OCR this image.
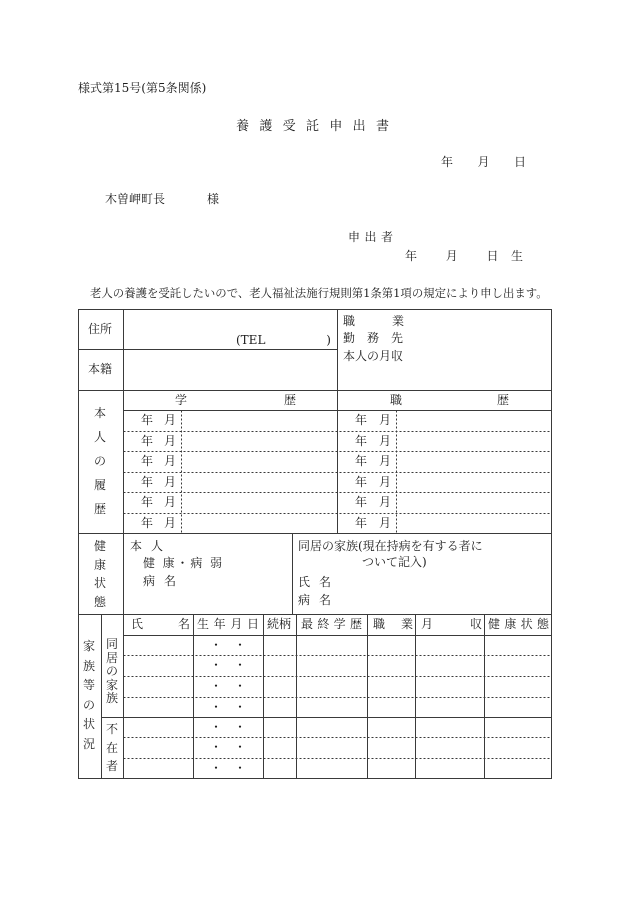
様式第15号(第5条関係)
養 護 受 託 申 出 書
年 月 日
木曽岬町長	様
申 出 者
年 月 日生
老人の養護を受託したいので、老人福祉法施行規則第1条第1項の規定により申し出ます。
住所
(TEL )
職 業
勤 務 先
本人の月収
本籍
本人の履歴
学 歴	職 歴
年 月
年 月
年 月
年 月
年 月
年 月
年 月
年 月
年 月
年 月
年 月
年 月
健康状態
本 人
健 康・病 弱
病 名
同居の家族(現在持病を有する者に
ついて記入)
氏 名
病 名
家族等の状況
同居の家族
不在者
氏 名 生 年 月 日 続柄 最 終 学 歴 職 業 月 収 健 康 状 態
・ ・
・ ・
・ ・
・ ・
・ ・
・ ・
・ ・
